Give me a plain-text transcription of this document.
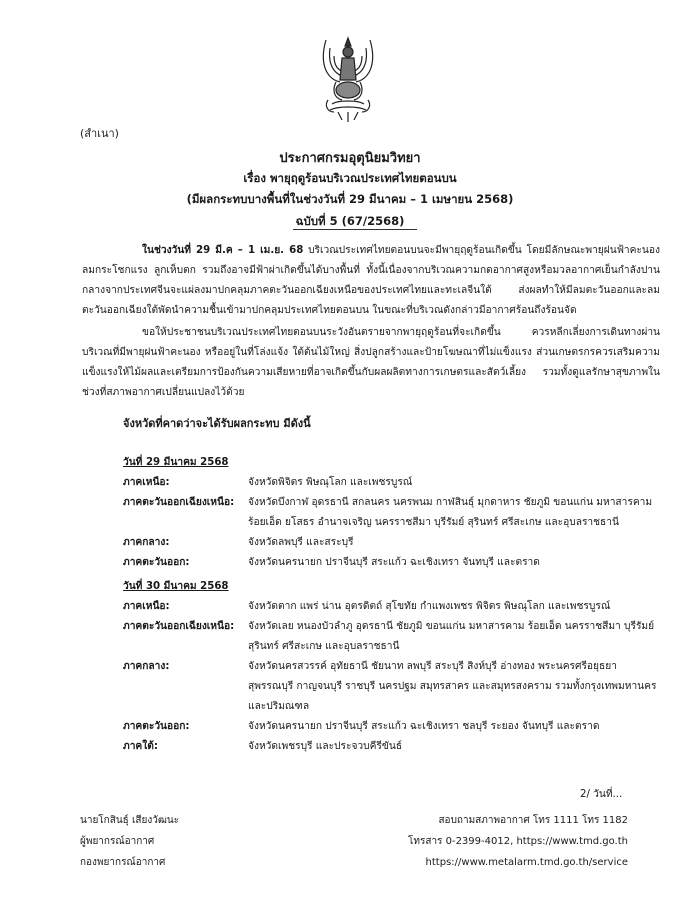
(สำเนา)
ประกาศกรมอุตุนิยมวิทยา
เรื่อง พายุฤดูร้อนบริเวณประเทศไทยตอนบน
(มีผลกระทบบางพื้นที่ในช่วงวันที่ 29 มีนาคม – 1 เมษายน 2568)
ฉบับที่ 5 (67/2568)
ในช่วงวันที่ 29 มี.ค – 1 เม.ย. 68 บริเวณประเทศไทยตอนบนจะมีพายุฤดูร้อนเกิดขึ้น โดยมีลักษณะพายุฝนฟ้าคะนอง ลมกระโชกแรง ลูกเห็บตก รวมถึงอาจมีฟ้าผ่าเกิดขึ้นได้บางพื้นที่ ทั้งนี้เนื่องจากบริเวณความกดอากาศสูงหรือมวลอากาศเย็นกำลังปานกลางจากประเทศจีนจะแผ่ลงมาปกคลุมภาคตะวันออกเฉียงเหนือของประเทศไทยและทะเลจีนใต้ ส่งผลทำให้มีลมตะวันออกและลมตะวันออกเฉียงใต้พัดนำความชื้นเข้ามาปกคลุมประเทศไทยตอนบน ในขณะที่บริเวณดังกล่าวมีอากาศร้อนถึงร้อนจัด
ขอให้ประชาชนบริเวณประเทศไทยตอนบนระวังอันตรายจากพายุฤดูร้อนที่จะเกิดขึ้น ควรหลีกเลี่ยงการเดินทางผ่านบริเวณที่มีพายุฝนฟ้าคะนอง หรืออยู่ในที่โล่งแจ้ง ใต้ต้นไม้ใหญ่ สิ่งปลูกสร้างและป้ายโฆษณาที่ไม่แข็งแรง ส่วนเกษตรกรควรเสริมความแข็งแรงให้ไม้ผลและเตรียมการป้องกันความเสียหายที่อาจเกิดขึ้นกับผลผลิตทางการเกษตรและสัตว์เลี้ยง รวมทั้งดูแลรักษาสุขภาพในช่วงที่สภาพอากาศเปลี่ยนแปลงไว้ด้วย
จังหวัดที่คาดว่าจะได้รับผลกระทบ มีดังนี้
วันที่ 29 มีนาคม 2568
ภาคเหนือ:	จังหวัดพิจิตร พิษณุโลก และเพชรบูรณ์
ภาคตะวันออกเฉียงเหนือ:	จังหวัดบึงกาฬ อุดรธานี สกลนคร นครพนม กาฬสินธุ์ มุกดาหาร ชัยภูมิ ขอนแก่น มหาสารคาม ร้อยเอ็ด ยโสธร อำนาจเจริญ นครราชสีมา บุรีรัมย์ สุรินทร์ ศรีสะเกษ และอุบลราชธานี
ภาคกลาง:	จังหวัดลพบุรี และสระบุรี
ภาคตะวันออก:	จังหวัดนครนายก ปราจีนบุรี สระแก้ว ฉะเชิงเทรา จันทบุรี และตราด
วันที่ 30 มีนาคม 2568
ภาคเหนือ:	จังหวัดตาก แพร่ น่าน อุตรดิตถ์ สุโขทัย กำแพงเพชร พิจิตร พิษณุโลก และเพชรบูรณ์
ภาคตะวันออกเฉียงเหนือ:	จังหวัดเลย หนองบัวลำภู อุดรธานี ชัยภูมิ ขอนแก่น มหาสารคาม ร้อยเอ็ด นครราชสีมา บุรีรัมย์ สุรินทร์ ศรีสะเกษ และอุบลราชธานี
ภาคกลาง:	จังหวัดนครสวรรค์ อุทัยธานี ชัยนาท ลพบุรี สระบุรี สิงห์บุรี อ่างทอง พระนครศรีอยุธยา สุพรรณบุรี กาญจนบุรี ราชบุรี นครปฐม สมุทรสาคร และสมุทรสงคราม รวมทั้งกรุงเทพมหานครและปริมณฑล
ภาคตะวันออก:	จังหวัดนครนายก ปราจีนบุรี สระแก้ว ฉะเชิงเทรา ชลบุรี ระยอง จันทบุรี และตราด
ภาคใต้:	จังหวัดเพชรบุรี และประจวบคีรีขันธ์
2/ วันที่...
นายโกสินธุ์ เสียงวัฒนะ
ผู้พยากรณ์อากาศ
กองพยากรณ์อากาศ
สอบถามสภาพอากาศ โทร 1111 โทร 1182
โทรสาร 0-2399-4012, https://www.tmd.go.th
https://www.metalarm.tmd.go.th/service
